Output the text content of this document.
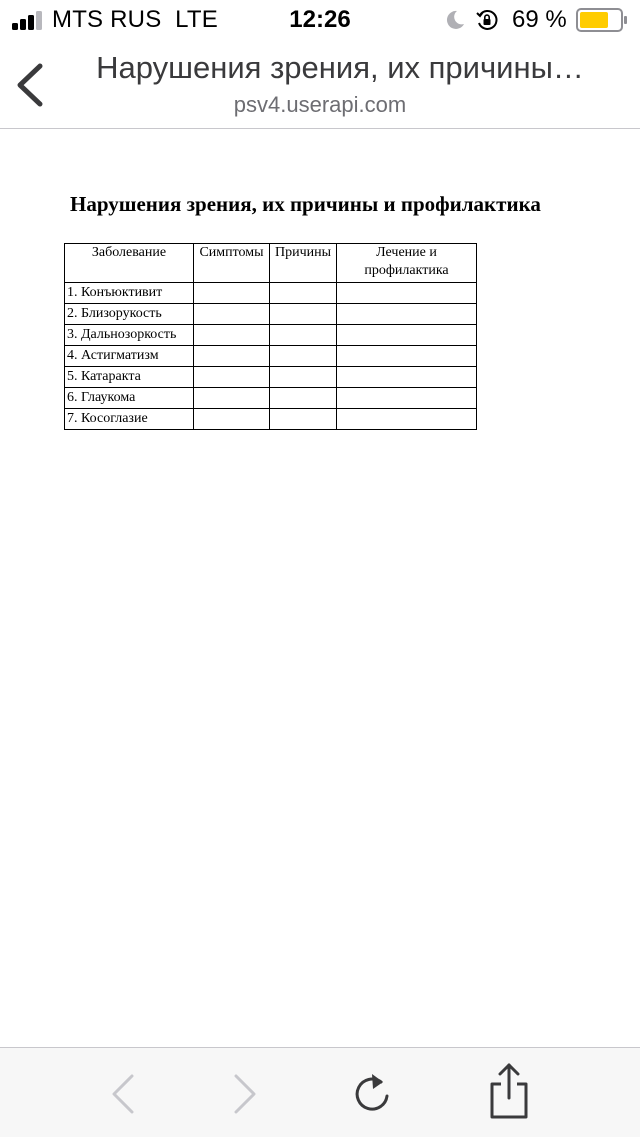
MTS RUS LTE	12:26	69 %
Нарушения зрения, их причины…
psv4.userapi.com
Нарушения зрения, их причины и профилактика
Заболевание	Симптомы	Причины	Лечение и профилактика
1. Конъюктивит			
2. Близорукость			
3. Дальнозоркость			
4. Астигматизм			
5. Катаракта			
6. Глаукома			
7. Косоглазие			
